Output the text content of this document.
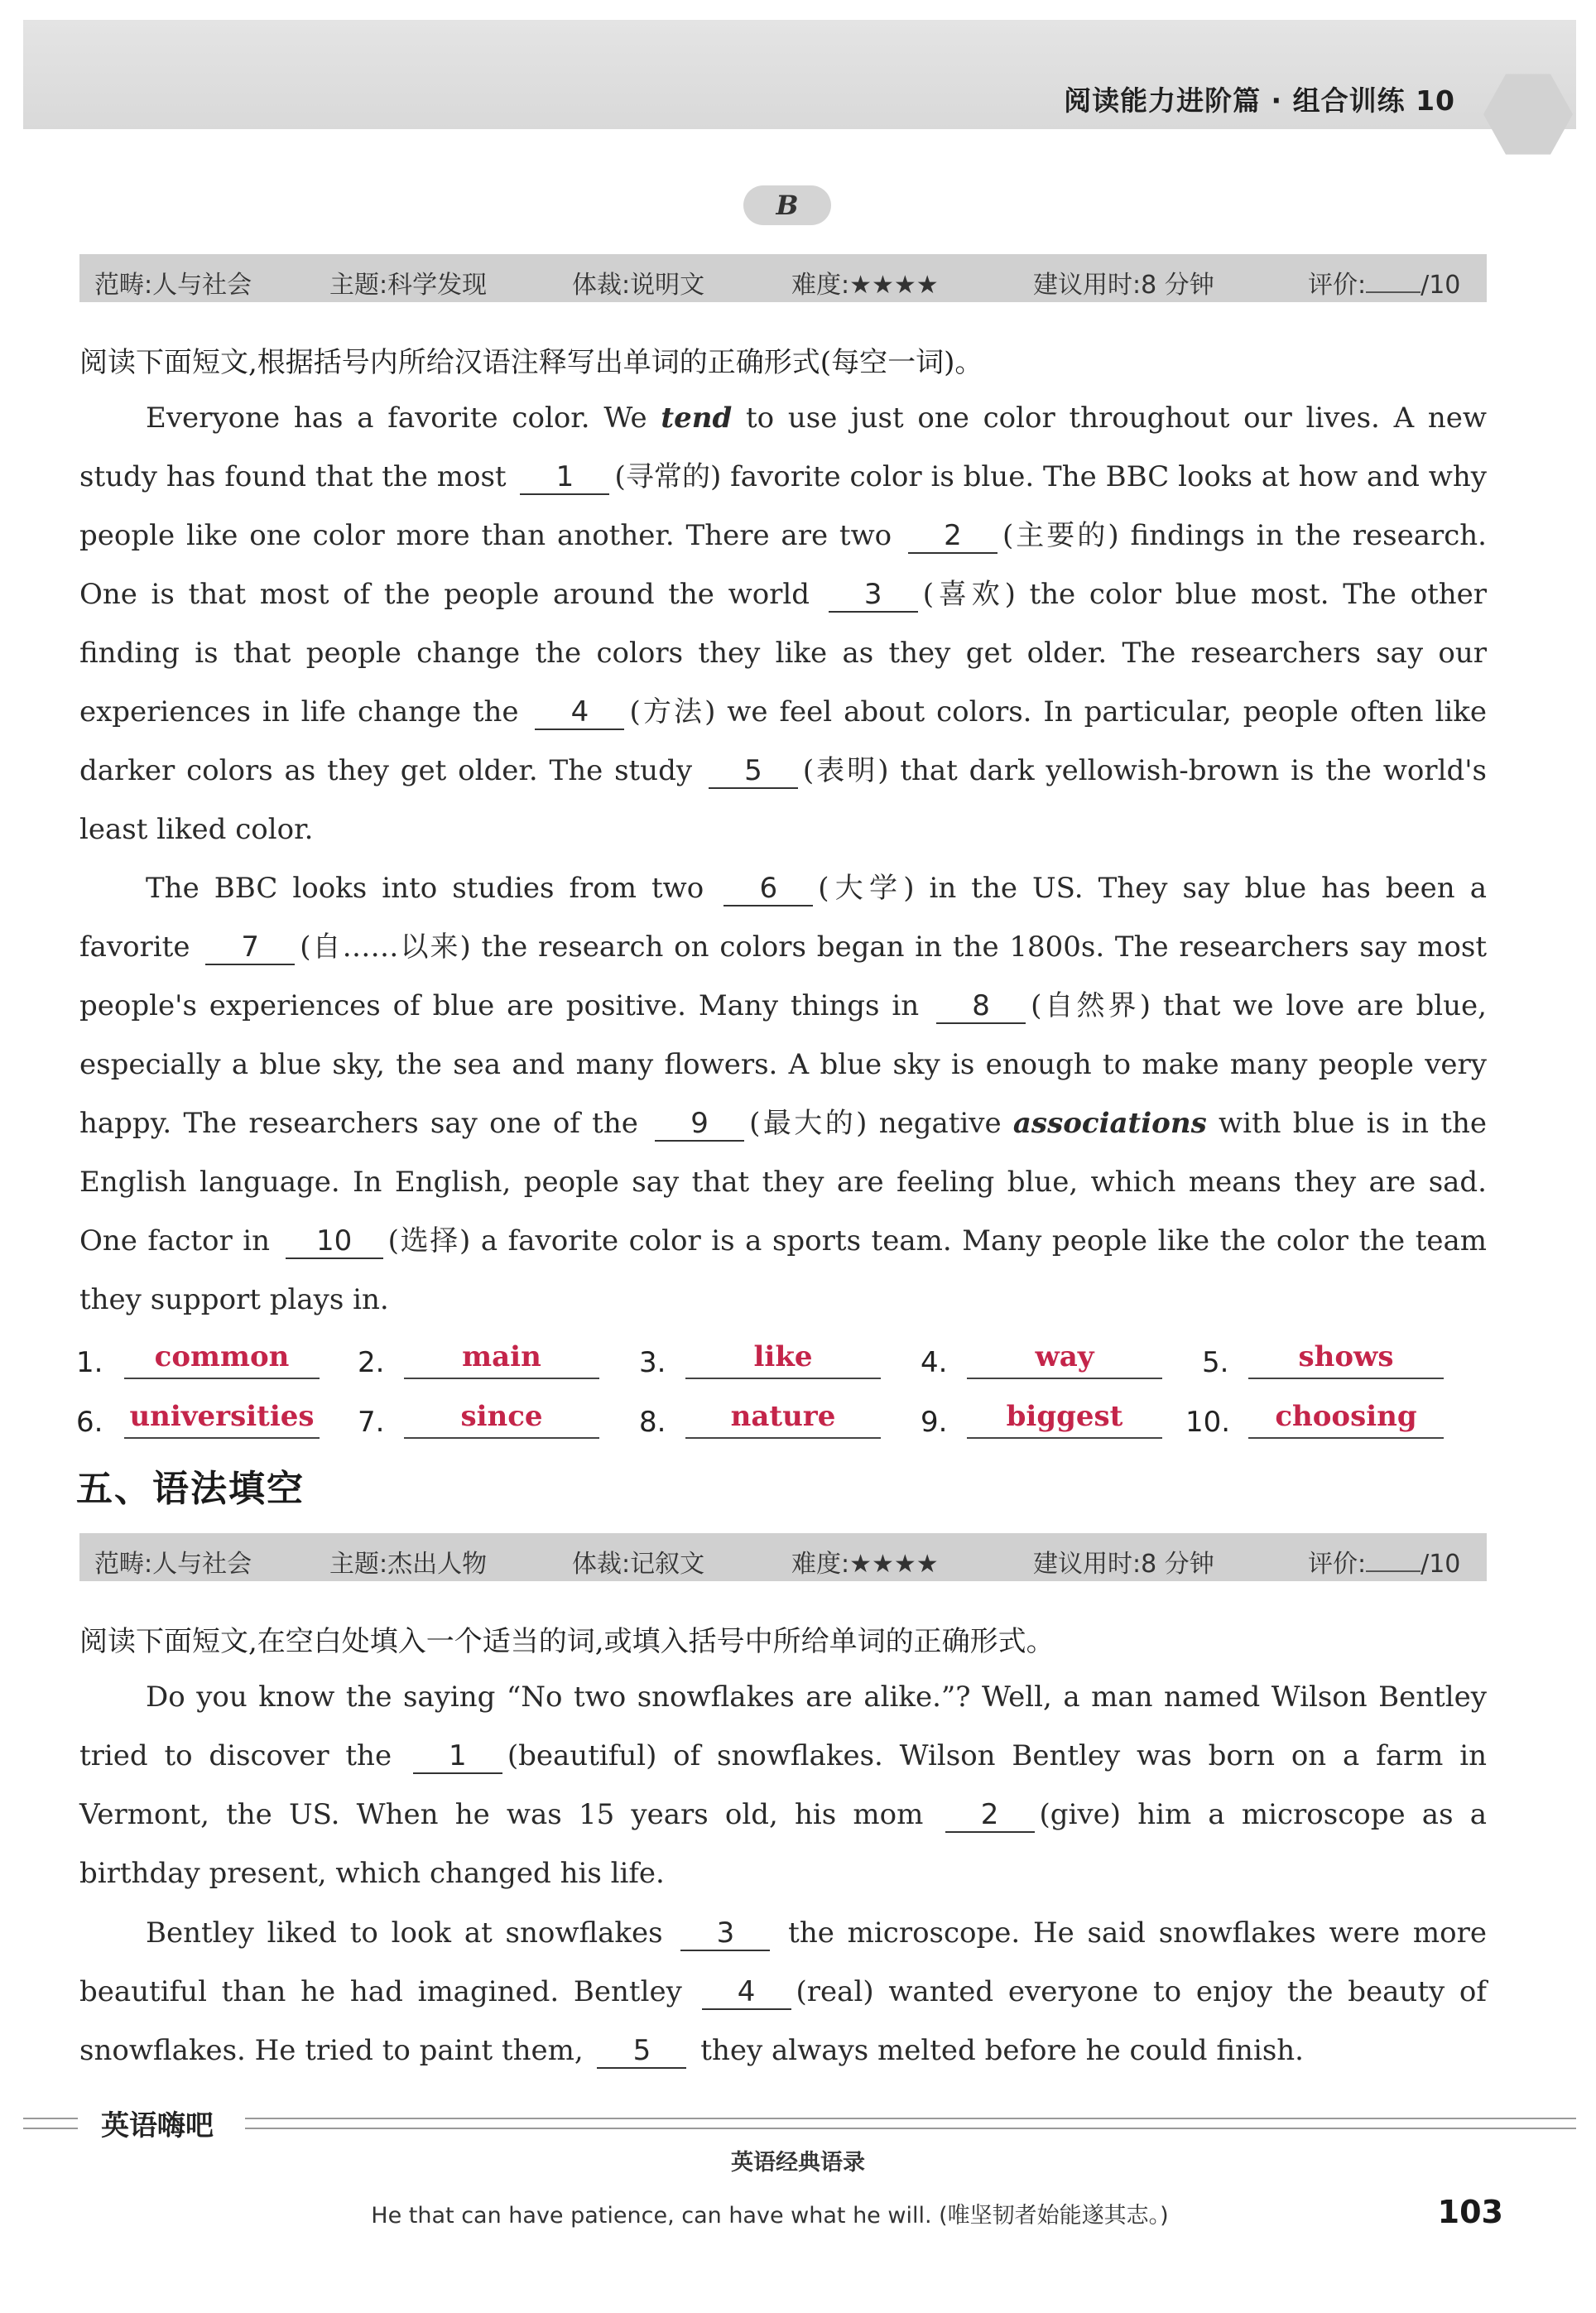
阅读能力进阶篇 · 组合训练 10
B
范畴:人与社会	主题:科学发现	体裁:说明文	难度:★★★★	建议用时:8 分钟	评价: /10
阅读下面短文,根据括号内所给汉语注释写出单词的正确形式(每空一词)。
Everyone has a favorite color. We tend to use just one color throughout our lives. A new study has found that the most 1 (寻常的) favorite color is blue. The BBC looks at how and why people like one color more than another. There are two 2 (主要的) findings in the research. One is that most of the people around the world 3 (喜欢) the color blue most. The other finding is that people change the colors they like as they get older. The researchers say our experiences in life change the 4 (方法) we feel about colors. In particular, people often like darker colors as they get older. The study 5 (表明) that dark yellowish-brown is the world's least liked color.
The BBC looks into studies from two 6 (大学) in the US. They say blue has been a favorite 7 (自……以来) the research on colors began in the 1800s. The researchers say most people's experiences of blue are positive. Many things in 8 (自然界) that we love are blue, especially a blue sky, the sea and many flowers. A blue sky is enough to make many people very happy. The researchers say one of the 9 (最大的) negative associations with blue is in the English language. In English, people say that they are feeling blue, which means they are sad. One factor in 10 (选择) a favorite color is a sports team. Many people like the color the team they support plays in.
1.	common	2.	main	3.	like	4.	way	5.	shows
6. universities 7.	since	8.	nature	9.	biggest	10.	choosing
五、语法填空
范畴:人与社会	主题:杰出人物	体裁:记叙文	难度:★★★★	建议用时:8 分钟	评价: /10
阅读下面短文,在空白处填入一个适当的词,或填入括号中所给单词的正确形式。
Do you know the saying “No two snowflakes are alike.”? Well, a man named Wilson Bentley tried to discover the 1 (beautiful) of snowflakes. Wilson Bentley was born on a farm in Vermont, the US. When he was 15 years old, his mom 2 (give) him a microscope as a birthday present, which changed his life.
Bentley liked to look at snowflakes 3 the microscope. He said snowflakes were more beautiful than he had imagined. Bentley 4 (real) wanted everyone to enjoy the beauty of snowflakes. He tried to paint them, 5 they always melted before he could finish.
英语嗨吧
英语经典语录
He that can have patience, can have what he will. (唯坚韧者始能遂其志。)	103
